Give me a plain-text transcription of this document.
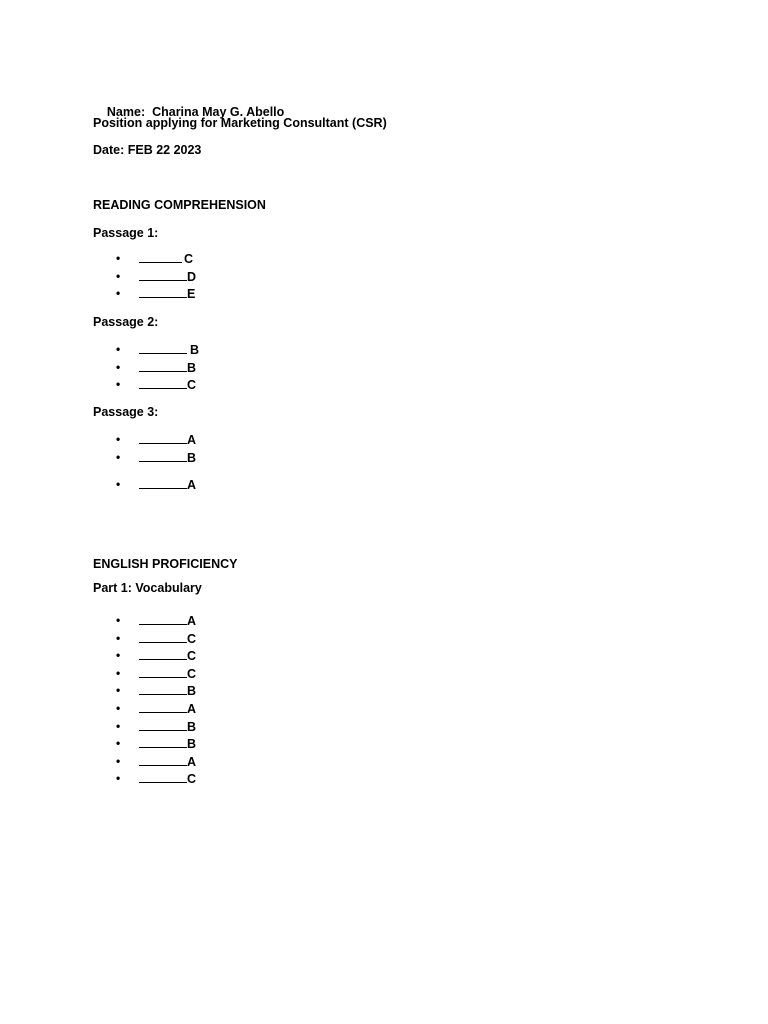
Name: Charina May G. Abello

Position applying for Marketing Consultant (CSR)
Date: FEB 22 2023
READING COMPREHENSION
Passage 1:
•	C
•	D
•	E
Passage 2:
•	B
•	B
•	C
Passage 3:
•	A
•	B
•	A
ENGLISH PROFICIENCY
Part 1: Vocabulary
•	A
•	C
•	C
•	C
•	B
•	A
•	B
•	B
•	A
•	C
